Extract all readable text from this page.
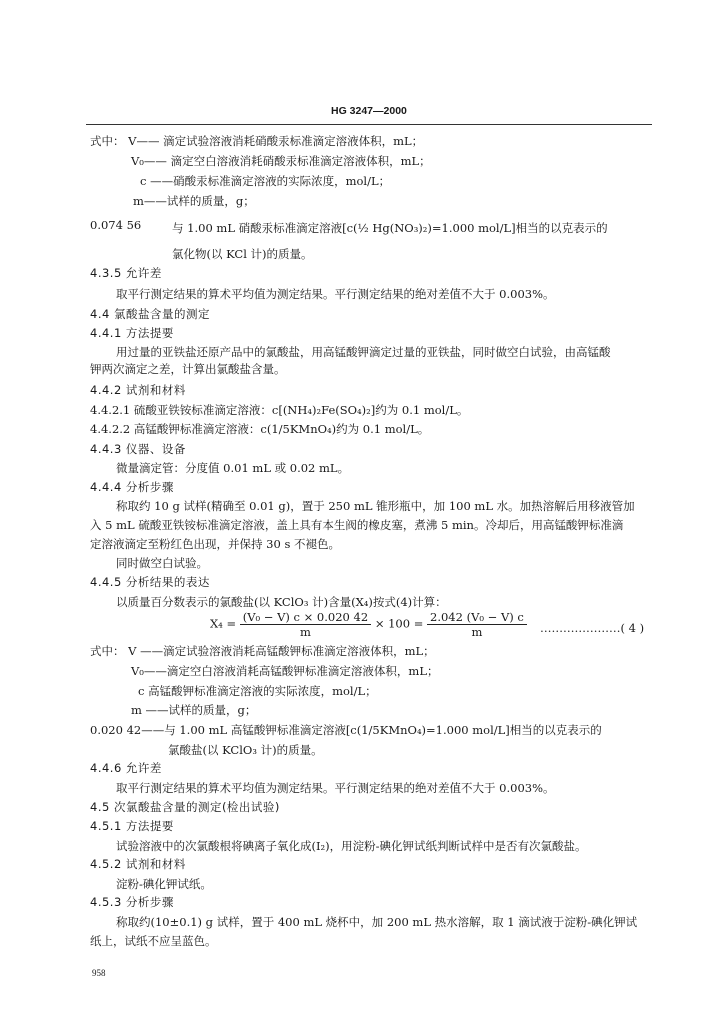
HG 3247—2000
式中： V—— 滴定试验溶液消耗硝酸汞标准滴定溶液体积，mL；
V₀—— 滴定空白溶液消耗硝酸汞标准滴定溶液体积，mL；
c ——硝酸汞标准滴定溶液的实际浓度，mol/L；
m——试样的质量，g；
0.074 56	与 1.00 mL 硝酸汞标准滴定溶液[c(½ Hg(NO₃)₂)=1.000 mol/L]相当的以克表示的
氯化物(以 KCl 计)的质量。
4.3.5 允许差
取平行测定结果的算术平均值为测定结果。平行测定结果的绝对差值不大于 0.003%。
4.4 氯酸盐含量的测定
4.4.1 方法提要
用过量的亚铁盐还原产品中的氯酸盐，用高锰酸钾滴定过量的亚铁盐，同时做空白试验，由高锰酸
钾两次滴定之差，计算出氯酸盐含量。
4.4.2 试剂和材料
4.4.2.1 硫酸亚铁铵标准滴定溶液：c[(NH₄)₂Fe(SO₄)₂]约为 0.1 mol/L。
4.4.2.2 高锰酸钾标准滴定溶液：c(1/5KMnO₄)约为 0.1 mol/L。
4.4.3 仪器、设备
微量滴定管：分度值 0.01 mL 或 0.02 mL。
4.4.4 分析步骤
称取约 10 g 试样(精确至 0.01 g)，置于 250 mL 锥形瓶中，加 100 mL 水。加热溶解后用移液管加
入 5 mL 硫酸亚铁铵标准滴定溶液，盖上具有本生阀的橡皮塞，煮沸 5 min。冷却后，用高锰酸钾标准滴
定溶液滴定至粉红色出现，并保持 30 s 不褪色。
同时做空白试验。
4.4.5 分析结果的表达
以质量百分数表示的氯酸盐(以 KClO₃ 计)含量(X₄)按式(4)计算：
$X_4 = \frac{\text{(V₀ − V) c × 0.020 42}}{m} \times 100 = \frac{\text{2.042 (V₀ − V) c}}{m}$ …………………( 4 )
式中： V ——滴定试验溶液消耗高锰酸钾标准滴定溶液体积，mL；
V₀——滴定空白溶液消耗高锰酸钾标准滴定溶液体积，mL；
c 高锰酸钾标准滴定溶液的实际浓度，mol/L；
m ——试样的质量，g；
0.020 42——与 1.00 mL 高锰酸钾标准滴定溶液[c(1/5KMnO₄)=1.000 mol/L]相当的以克表示的
氯酸盐(以 KClO₃ 计)的质量。
4.4.6 允许差
取平行测定结果的算术平均值为测定结果。平行测定结果的绝对差值不大于 0.003%。
4.5 次氯酸盐含量的测定(检出试验)
4.5.1 方法提要
试验溶液中的次氯酸根将碘离子氧化成(I₂)，用淀粉-碘化钾试纸判断试样中是否有次氯酸盐。
4.5.2 试剂和材料
淀粉-碘化钾试纸。
4.5.3 分析步骤
称取约(10±0.1) g 试样，置于 400 mL 烧杯中，加 200 mL 热水溶解，取 1 滴试液于淀粉-碘化钾试
纸上，试纸不应呈蓝色。
958
